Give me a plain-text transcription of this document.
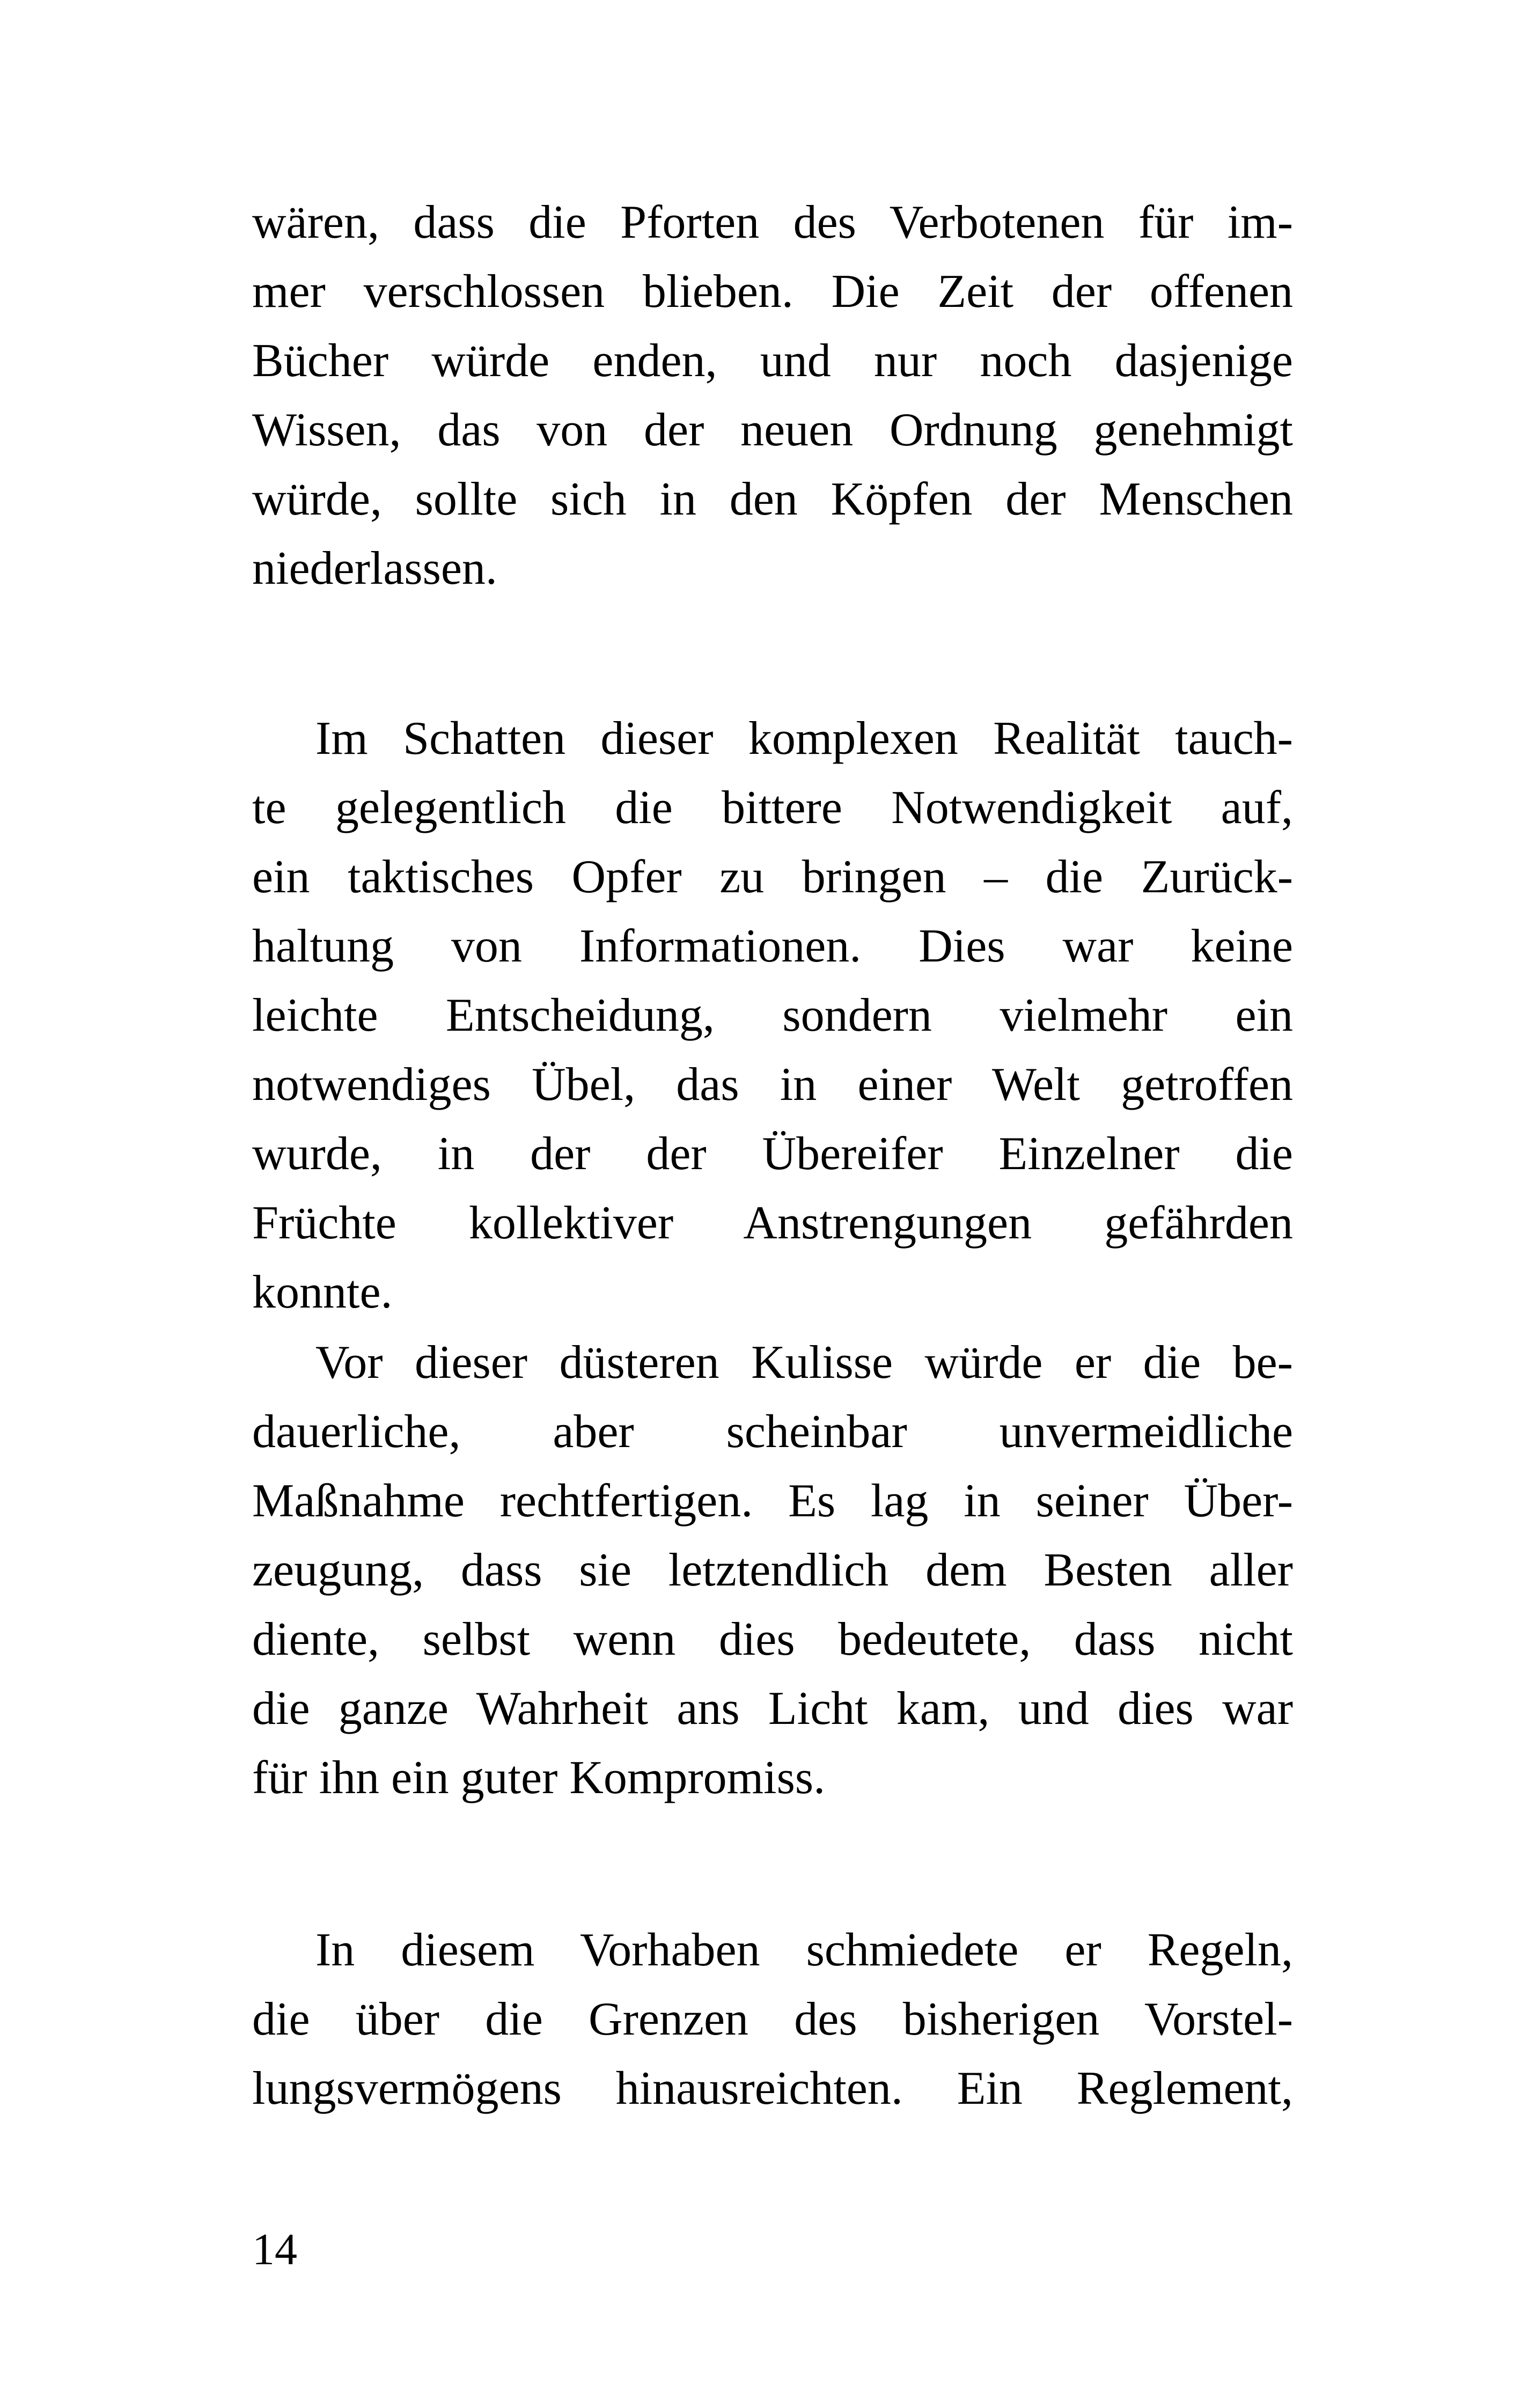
wären, dass die Pforten des Verbotenen für im-
mer verschlossen blieben. Die Zeit der offenen
Bücher würde enden, und nur noch dasjenige
Wissen, das von der neuen Ordnung genehmigt
würde, sollte sich in den Köpfen der Menschen
niederlassen.
Im Schatten dieser komplexen Realität tauch-
te gelegentlich die bittere Notwendigkeit auf,
ein taktisches Opfer zu bringen – die Zurück-
haltung von Informationen. Dies war keine
leichte Entscheidung, sondern vielmehr ein
notwendiges Übel, das in einer Welt getroffen
wurde, in der der Übereifer Einzelner die
Früchte kollektiver Anstrengungen gefährden
konnte.
Vor dieser düsteren Kulisse würde er die be-
dauerliche, aber scheinbar unvermeidliche
Maßnahme rechtfertigen. Es lag in seiner Über-
zeugung, dass sie letztendlich dem Besten aller
diente, selbst wenn dies bedeutete, dass nicht
die ganze Wahrheit ans Licht kam, und dies war
für ihn ein guter Kompromiss.
In diesem Vorhaben schmiedete er Regeln,
die über die Grenzen des bisherigen Vorstel-
lungsvermögens hinausreichten. Ein Reglement,
14
